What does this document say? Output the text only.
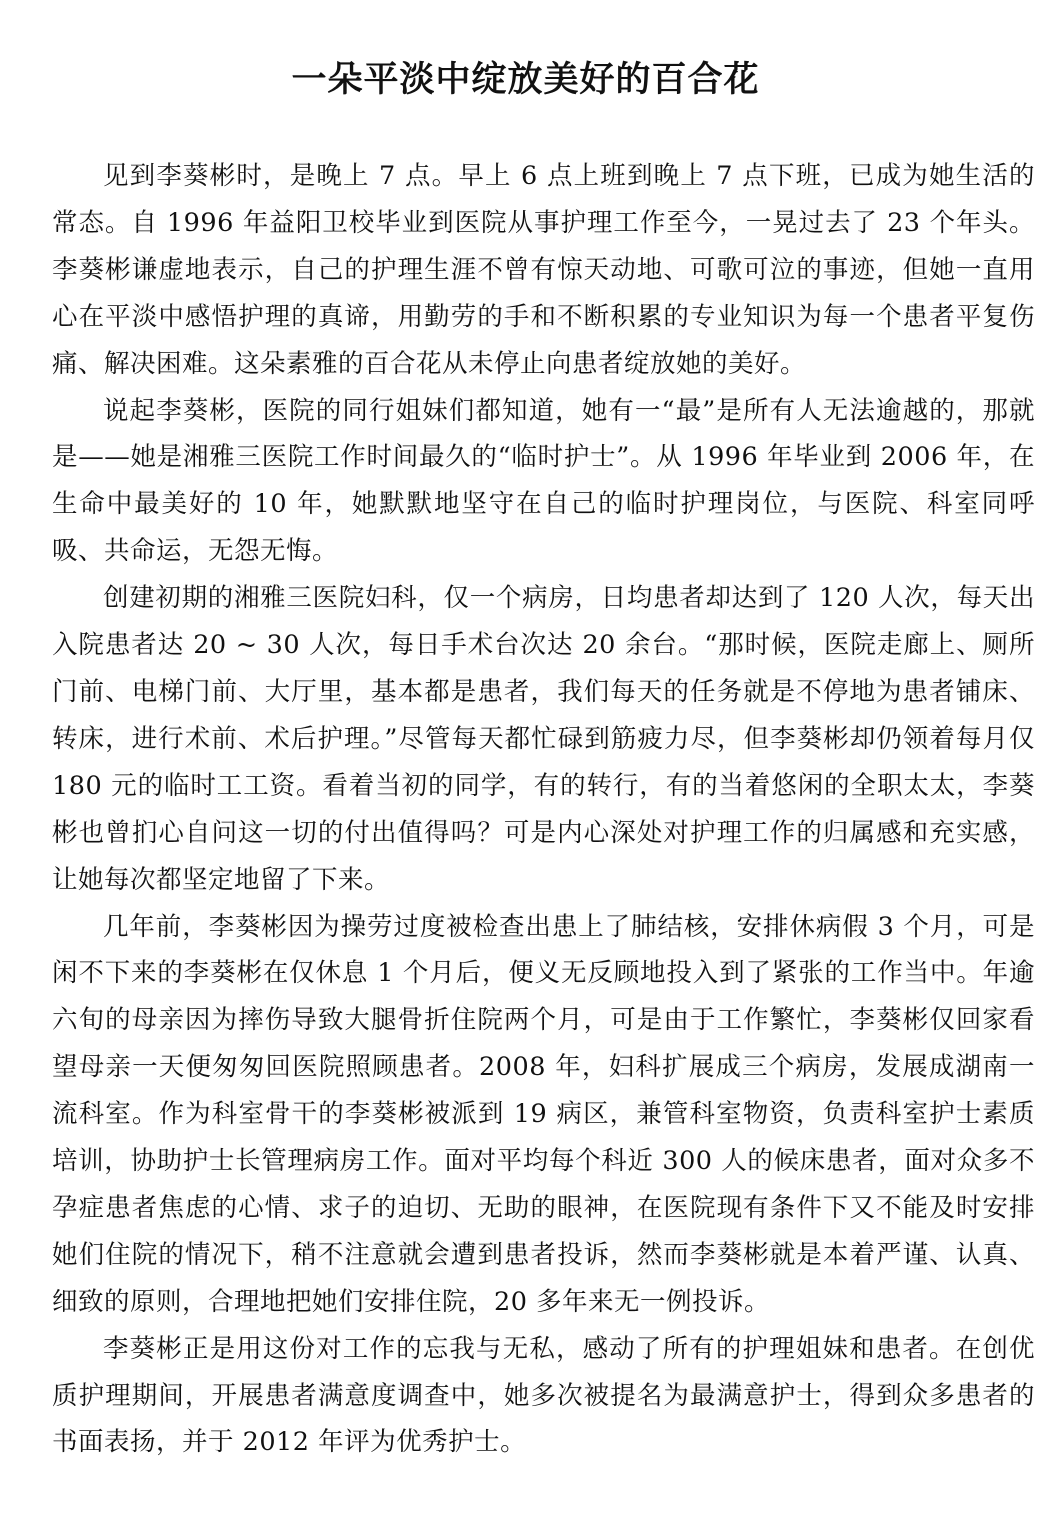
一朵平淡中绽放美好的百合花

见到李葵彬时，是晚上 7 点。早上 6 点上班到晚上 7 点下班，已成为她生活的常态。自 1996 年益阳卫校毕业到医院从事护理工作至今，一晃过去了 23 个年头。李葵彬谦虚地表示，自己的护理生涯不曾有惊天动地、可歌可泣的事迹，但她一直用心在平淡中感悟护理的真谛，用勤劳的手和不断积累的专业知识为每一个患者平复伤痛、解决困难。这朵素雅的百合花从未停止向患者绽放她的美好。

说起李葵彬，医院的同行姐妹们都知道，她有一“最”是所有人无法逾越的，那就是——她是湘雅三医院工作时间最久的“临时护士”。从 1996 年毕业到 2006 年，在生命中最美好的 10 年，她默默地坚守在自己的临时护理岗位，与医院、科室同呼吸、共命运，无怨无悔。

创建初期的湘雅三医院妇科，仅一个病房，日均患者却达到了 120 人次，每天出入院患者达 20 ~ 30 人次，每日手术台次达 20 余台。“那时候，医院走廊上、厕所门前、电梯门前、大厅里，基本都是患者，我们每天的任务就是不停地为患者铺床、转床，进行术前、术后护理。”尽管每天都忙碌到筋疲力尽，但李葵彬却仍领着每月仅 180 元的临时工工资。看着当初的同学，有的转行，有的当着悠闲的全职太太，李葵彬也曾扪心自问这一切的付出值得吗？可是内心深处对护理工作的归属感和充实感，让她每次都坚定地留了下来。

几年前，李葵彬因为操劳过度被检查出患上了肺结核，安排休病假 3 个月，可是闲不下来的李葵彬在仅休息 1 个月后，便义无反顾地投入到了紧张的工作当中。年逾六旬的母亲因为摔伤导致大腿骨折住院两个月，可是由于工作繁忙，李葵彬仅回家看望母亲一天便匆匆回医院照顾患者。2008 年，妇科扩展成三个病房，发展成湖南一流科室。作为科室骨干的李葵彬被派到 19 病区，兼管科室物资，负责科室护士素质培训，协助护士长管理病房工作。面对平均每个科近 300 人的候床患者，面对众多不孕症患者焦虑的心情、求子的迫切、无助的眼神，在医院现有条件下又不能及时安排她们住院的情况下，稍不注意就会遭到患者投诉，然而李葵彬就是本着严谨、认真、细致的原则，合理地把她们安排住院，20 多年来无一例投诉。

李葵彬正是用这份对工作的忘我与无私，感动了所有的护理姐妹和患者。在创优质护理期间，开展患者满意度调查中，她多次被提名为最满意护士，得到众多患者的书面表扬，并于 2012 年评为优秀护士。
